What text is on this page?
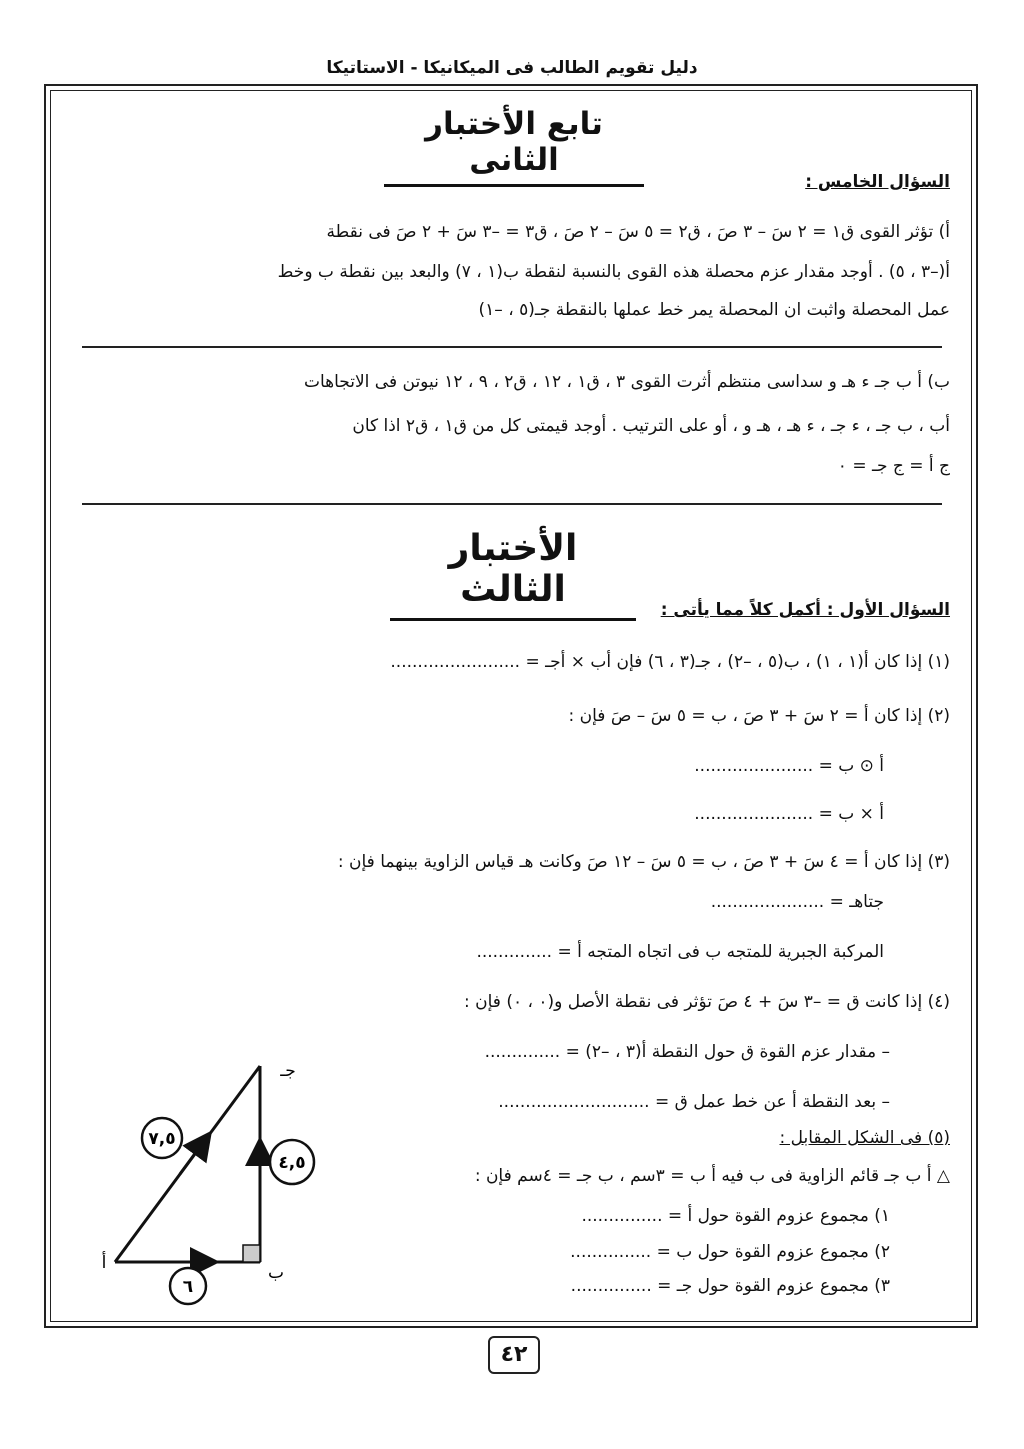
دليل تقويم الطالب فى الميكانيكا - الاستاتيكا
تابع الأختبار الثانى
السؤال الخامس :
أ) تؤثر القوى ق١ = ٢ سَ – ٣ صَ ، ق٢ = ٥ سَ – ٢ صَ ، ق٣ = –٣ سَ + ٢ صَ فى نقطة
أ(–٣ ، ٥) . أوجد مقدار عزم محصلة هذه القوى بالنسبة لنقطة ب(١ ، ٧) والبعد بين نقطة ب وخط
عمل المحصلة واثبت ان المحصلة يمر خط عملها بالنقطة جـ(٥ ، –١)
ب) أ ب جـ ء هـ و سداسى منتظم أثرت القوى ٣ ، ق١ ، ١٢ ، ق٢ ، ٩ ، ١٢ نيوتن فى الاتجاهات
أب ، ب جـ ، ء جـ ، ء هـ ، هـ و ، أو على الترتيب . أوجد قيمتى كل من ق١ ، ق٢ اذا كان
ج أ = ج جـ = ٠
الأختبار الثالث	السؤال الأول : أكمل كلاً مما يأتى :
(١) إذا كان أ(١ ، ١) ، ب(٥ ، –٢) ، جـ(٣ ، ٦) فإن أب × أجـ = ........................
(٢) إذا كان أ = ٢ سَ + ٣ صَ ، ب = ٥ سَ – صَ فإن :
أ ⊙ ب = ......................
أ × ب = ......................
(٣) إذا كان أ = ٤ سَ + ٣ صَ ، ب = ٥ سَ – ١٢ صَ وكانت هـ قياس الزاوية بينهما فإن :
جتاهـ = .....................
المركبة الجبرية للمتجه ب فى اتجاه المتجه أ = ..............
(٤) إذا كانت ق = –٣ سَ + ٤ صَ تؤثر فى نقطة الأصل و(٠ ، ٠) فإن :
– مقدار عزم القوة ق حول النقطة أ(٣ ، –٢) = ..............
– بعد النقطة أ عن خط عمل ق = ............................
(٥) فى الشكل المقابل :
△ أ ب جـ قائم الزاوية فى ب فيه أ ب = ٣سم ، ب جـ = ٤سم فإن :
١) مجموع عزوم القوة حول أ = ...............
٢) مجموع عزوم القوة حول ب = ...............
٣) مجموع عزوم القوة حول جـ = ...............
٧,٥
٤,٥
٦
أ	ب
جـ
٤٢
